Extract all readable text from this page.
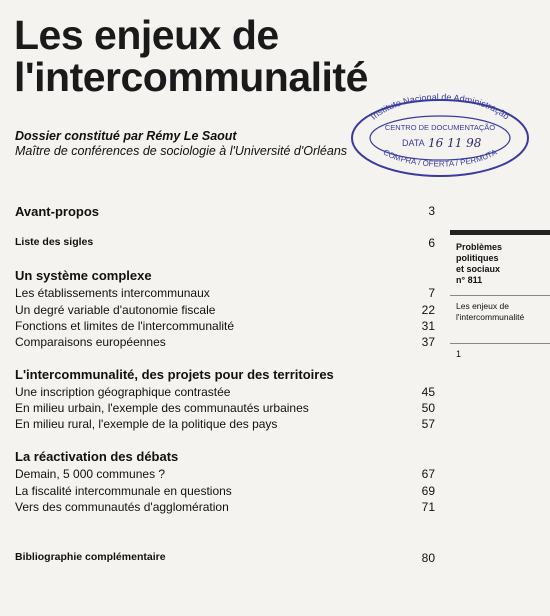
Les enjeux de
l'intercommunalité
Dossier constitué par Rémy Le Saout
Maître de conférences de sociologie à l'Université d'Orléans
Avant-propos	3
Liste des sigles	6
Un système complexe
Les établissements intercommunaux	7
Un degré variable d'autonomie fiscale	22
Fonctions et limites de l'intercommunalité	31
Comparaisons européennes	37
L'intercommunalité, des projets pour des territoires
Une inscription géographique contrastée	45
En milieu urbain, l'exemple des communautés urbaines	50
En milieu rural, l'exemple de la politique des pays	57
La réactivation des débats
Demain, 5 000 communes ?	67
La fiscalité intercommunale en questions	69
Vers des communautés d'agglomération	71
Bibliographie complémentaire	80
Problèmes
politiques
et sociaux
n° 811
Les enjeux de
l'intercommunalité
1
Instituto Nacional de Administração
CENTRO DE DOCUMENTAÇÃO
DATA 16 11 98
COMPRA / OFERTA / PERMUTA
